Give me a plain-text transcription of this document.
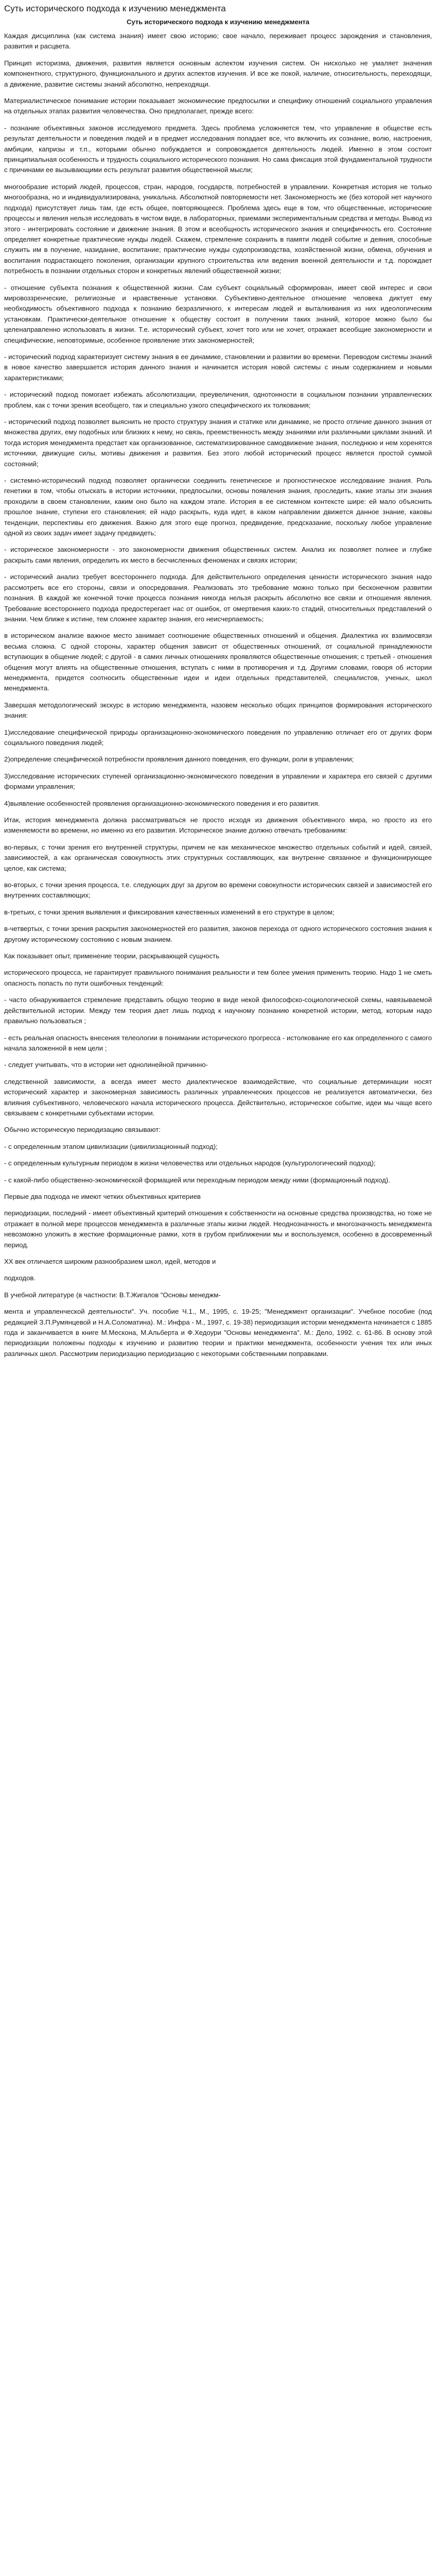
Суть исторического подхода к изучению менеджмента
Суть исторического подхода к изучению менеджмента

Каждая дисциплина (как система знания) имеет свою историю; свое начало, переживает процесс зарождения и становления, развития и расцвета.

Принцип историзма, движения, развития является основным аспектом изучения систем. Он нисколько не умаляет значения компонентного, структурного, функционального и других аспектов изучения. И все же покой, наличие, относительность, переходящи, а движение, развитие системы знаний абсолютно, непреходящи.

Материалистическое понимание истории показывает экономические предпосылки и специфику отношений социального управления на отдельных этапах развития человечества. Оно предполагает, прежде всего:

- познание объективных законов исследуемого предмета. Здесь проблема усложняется тем, что управление в обществе есть результат деятельности и поведения людей и в предмет исследования попадает все, что включить их сознание, волю, настроения, амбиции, капризы и т.п., которыми обычно побуждается и сопровождается деятельность людей. Именно в этом состоит принципиальная особенность и трудность социального исторического познания. Но сама фиксация этой фундаментальной трудности с причинами ее вызывающими есть результат развития общественной мысли;

многообразие историй людей, процессов, стран, народов, государств, потребностей в управлении. Конкретная история не только многообразна, но и индивидуализирована, уникальна. Абсолютной повторяемости нет. Закономерность же (без которой нет научного подхода) присутствует лишь там, где есть общее, повторяющееся. Проблема здесь еще в том, что общественные, исторические процессы и явления нельзя исследовать в чистом виде, в лабораторных, приемами экспериментальным средства и методы. Вывод из этого - интегрировать состояние и движение знания. В этом и всеобщность исторического знания и специфичность его. Состояние определяет конкретные практические нужды людей. Скажем, стремление сохранить в памяти людей событие и деяния, способные служить им в поучение, назидание, воспитание; практические нужды судопроизводства, хозяйственной жизни, обмена, обучения и воспитания подрастающего поколения, организации крупного строительства или ведения военной деятельности и т.д. порождает потребность в познании отдельных сторон и конкретных явлений общественной жизни;

- отношение субъекта познания к общественной жизни. Сам субъект социальный сформирован, имеет свой интерес и свои мировоззренческие, религиозные и нравственные установки. Субъективно-деятельное отношение человека диктует ему необходимость объективного подхода к познанию безразличного, к интересам людей и выталкивания из них идеологическим установкам. Практически-деятельное отношение к обществу состоит в получении таких знаний, которое можно было бы целенаправленно использовать в жизни. Т.е. исторический субъект, хочет того или не хочет, отражает всеобщие закономерности и специфические, неповторимые, особенное проявление этих закономерностей;

- исторический подход характеризует систему знания в ее динамике, становлении и развитии во времени. Переводом системы знаний в новое качество завершается история данного знания и начинается история новой системы с иным содержанием и новыми характеристиками;

- исторический подход помогает избежать абсолютизации, преувеличения, однотонности в социальном познании управленческих проблем, как с точки зрения всеобщего, так и специально узкого специфического их толкования;

- исторический подход позволяет выяснить не просто структуру знания и статике или динамике, не просто отличие данного знания от множества других, ему подобных или близких к нему, но связь, преемственность между знаниями или различными циклами знаний. И тогда история менеджмента предстает как организованное, систематизированное самодвижение знания, последнюю и нем хоренятся источники, движущие силы, мотивы движения и развития. Без этого любой исторический процесс является простой суммой состояний;

- системно-исторический подход позволяет органически соединить генетическое и прогностическое исследование знания. Роль генетики в том, чтобы отыскать в истории источники, предпосылки, основы появления знания, проследить, какие этапы эти знания проходили в своем становлении, каким оно было на каждом этапе. История в ее системном контексте шире: ей мало объяснить прошлое знание, ступени его становления; ей надо раскрыть, куда идет, в каком направлении движется данное знание, каковы тенденции, перспективы его движения. Важно для этого еще прогноз, предвидение, предсказание, поскольку любое управление одной из своих задач имеет задачу предвидеть;

- историческое закономерности - это закономерности движения общественных систем. Анализ их позволяет полнее и глубже раскрыть сами явления, определить их место в бесчисленных феноменах и связях истории;

- исторический анализ требует всестороннего подхода. Для действительного определения ценности исторического знания надо рассмотреть все его стороны, связи и опосредования. Реализовать это требование можно только при бесконечном развитии познания. В каждой же конечной точке процесса познания никогда нельзя раскрыть абсолютно все связи и отношения явления. Требование всестороннего подхода предостерегает нас от ошибок, от омертвения каких-то стадий, относительных представлений о знании. Чем ближе к истине, тем сложнее характер знания, его неисчерпаемость;

в историческом анализе важное место занимает соотношение общественных отношений и общения. Диалектика их взаимосвязи весьма сложна. С одной стороны, характер общения зависит от общественных отношений, от социальной принадлежности вступающих в общение людей; с другой - в самих личных отношениях проявляются общественные отношения; с третьей - отношения общения могут влиять на общественные отношения, вступать с ними в противоречия и т.д. Другими словами, говоря об истории менеджмента, придется соотносить общественные идеи и идеи отдельных представителей, специалистов, ученых, школ менеджмента.

Завершая методологический экскурс в историю менеджмента, назовем несколько общих принципов формирования исторического знания:

1)исследование специфической природы организационно-экономического поведения по управлению отличает его от других форм социального поведения людей;

2)определение специфической потребности проявления данного поведения, его функции, роли в управлении;

3)исследование исторических ступеней организационно-экономического поведения в управлении и характера его связей с другими формами управления;

4)выявление особенностей проявления организационно-экономического поведения и его развития.

Итак, история менеджмента должна рассматриваться не просто исходя из движения объективного мира, но просто из его изменяемости во времени, но именно из его развития. Историческое знание должно отвечать требованиям:

во-первых, с точки зрения его внутренней структуры, причем не как механическое множество отдельных событий и идей, связей, зависимостей, а как органическая совокупность этих структурных составляющих, как внутренне связанное и функционирующее целое, как система;

во-вторых, с точки зрения процесса, т.е. следующих друг за другом во времени совокупности исторических связей и зависимостей его внутренних составляющих;

в-третьих, с точки зрения выявления и фиксирования качественных изменений в его структуре в целом;

в-четвертых, с точки зрения раскрытия закономерностей его развития, законов перехода от одного исторического состояния знания к другому историческому состоянию с новым знанием.

Как показывает опыт, применение теории, раскрывающей сущность

исторического процесса, не гарантирует правильного понимания реальности и тем более умения применить теорию. Надо 1 не сметь опасность попасть по пути ошибочных тенденций:

- часто обнаруживается стремление представить общую теорию в виде некой философско-социологической схемы, навязываемой действительной истории. Между тем теория дает лишь подход к научному познанию конкретной истории, метод, которым надо правильно пользоваться ;

- есть реальная опасность внесения телеологии в понимании исторического прогресса - истолкование его как определенного с самого начала заложенной в нем цели ;

- следует учитывать, что в истории нет однолинейной причинно-

следственной зависимости, а всегда имеет место диалектическое взаимодействие, что социальные детерминации носят исторический характер и закономерная зависимость различных управленческих процессов не реализуется автоматически, без влияния субъективного, человеческого начала исторического процесса. Действительно, историческое событие, идеи мы чаще всего связываем с конкретными субъектами истории.

Обычно историческую периодизацию связывают:

- с определенным этапом цивилизации (цивилизационный подход);

- с определенным культурным периодом в жизни человечества или отдельных народов (культурологический подход);

- с какой-либо общественно-экономической формацией или переходным периодом между ними (формационный подход).

Первые два подхода не имеют четких объективных критериев

периодизации, последний - имеет объективный критерий отношения к собственности на основные средства производства, но тоже не отражает в полной мере процессов менеджмента в различные этапы жизни людей. Неоднозначность и многозначность менеджмента невозможно уложить в жесткие формационные рамки, хотя в грубом приближении мы и воспользуемся, особенно в досовременный период.

XX век отличается широким разнообразием школ, идей, методов и

подходов.

В учебной литературе (в частности: В.Т.Жигалов "Основы менеджм-

мента и управленческой деятельности". Уч. пособие Ч.1., М., 1995, с. 19-25; "Менеджмент организации". Учебное пособие (под редакцией З.П.Румянцевой и Н.А.Соломатина). М.: Инфра - М., 1997, с. 19-38) периодизация истории менеджмента начинается с 1885 года и заканчивается в книге М.Мескона, М.Альберта и Ф.Хедоури "Основы менеджмента". М.: Дело, 1992. с. 61-86. В основу этой периодизации положены подходы к изучению и развитию теории и практики менеджмента, особенности учения тех или иных различных школ. Рассмотрим периодизацию периодизацию с некоторыми собственными поправками.
